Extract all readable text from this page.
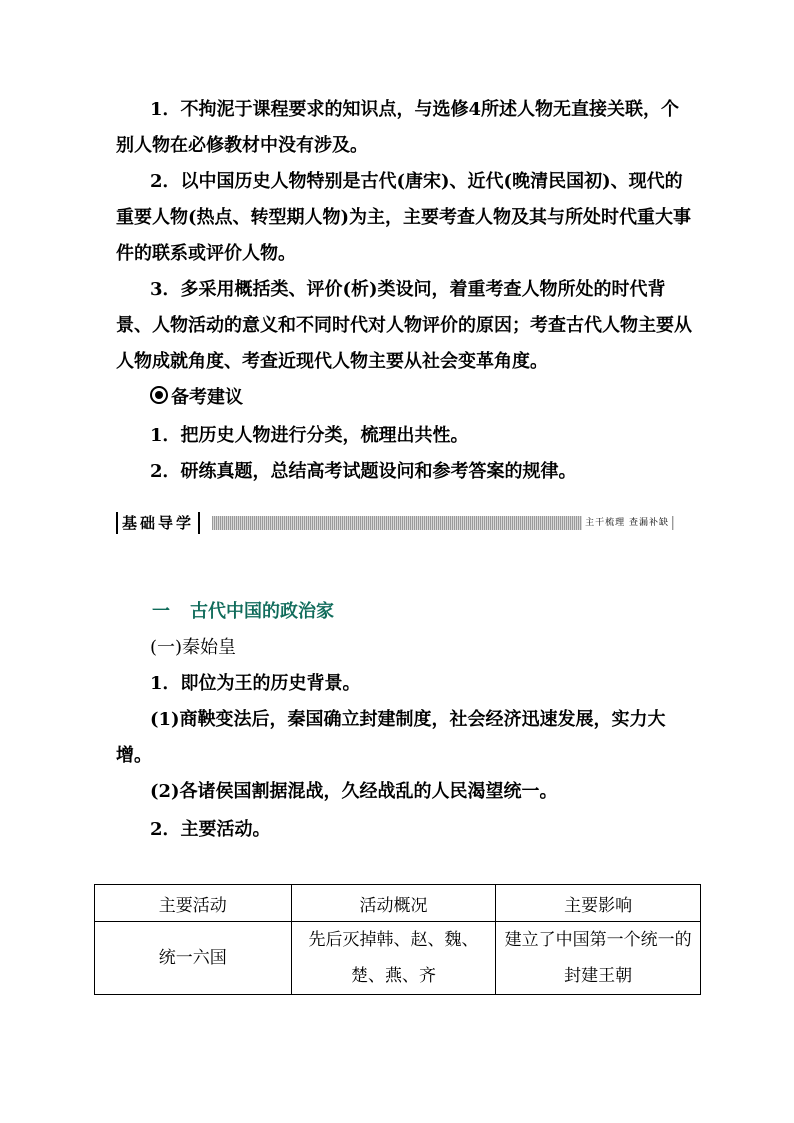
1．不拘泥于课程要求的知识点，与选修4所述人物无直接关联，个别人物在必修教材中没有涉及。
2．以中国历史人物特别是古代(唐宋)、近代(晚清民国初)、现代的重要人物(热点、转型期人物)为主，主要考查人物及其与所处时代重大事件的联系或评价人物。
3．多采用概括类、评价(析)类设问，着重考查人物所处的时代背景、人物活动的意义和不同时代对人物评价的原因；考查古代人物主要从人物成就角度、考查近现代人物主要从社会变革角度。
备考建议
1．把历史人物进行分类，梳理出共性。
2．研练真题，总结高考试题设问和参考答案的规律。
基础导学	主干梳理 查漏补缺
一 古代中国的政治家
(一)秦始皇
1．即位为王的历史背景。
(1)商鞅变法后，秦国确立封建制度，社会经济迅速发展，实力大增。
(2)各诸侯国割据混战，久经战乱的人民渴望统一。
2．主要活动。
主要活动	活动概况	主要影响
统一六国	先后灭掉韩、赵、魏、楚、燕、齐	建立了中国第一个统一的封建王朝
